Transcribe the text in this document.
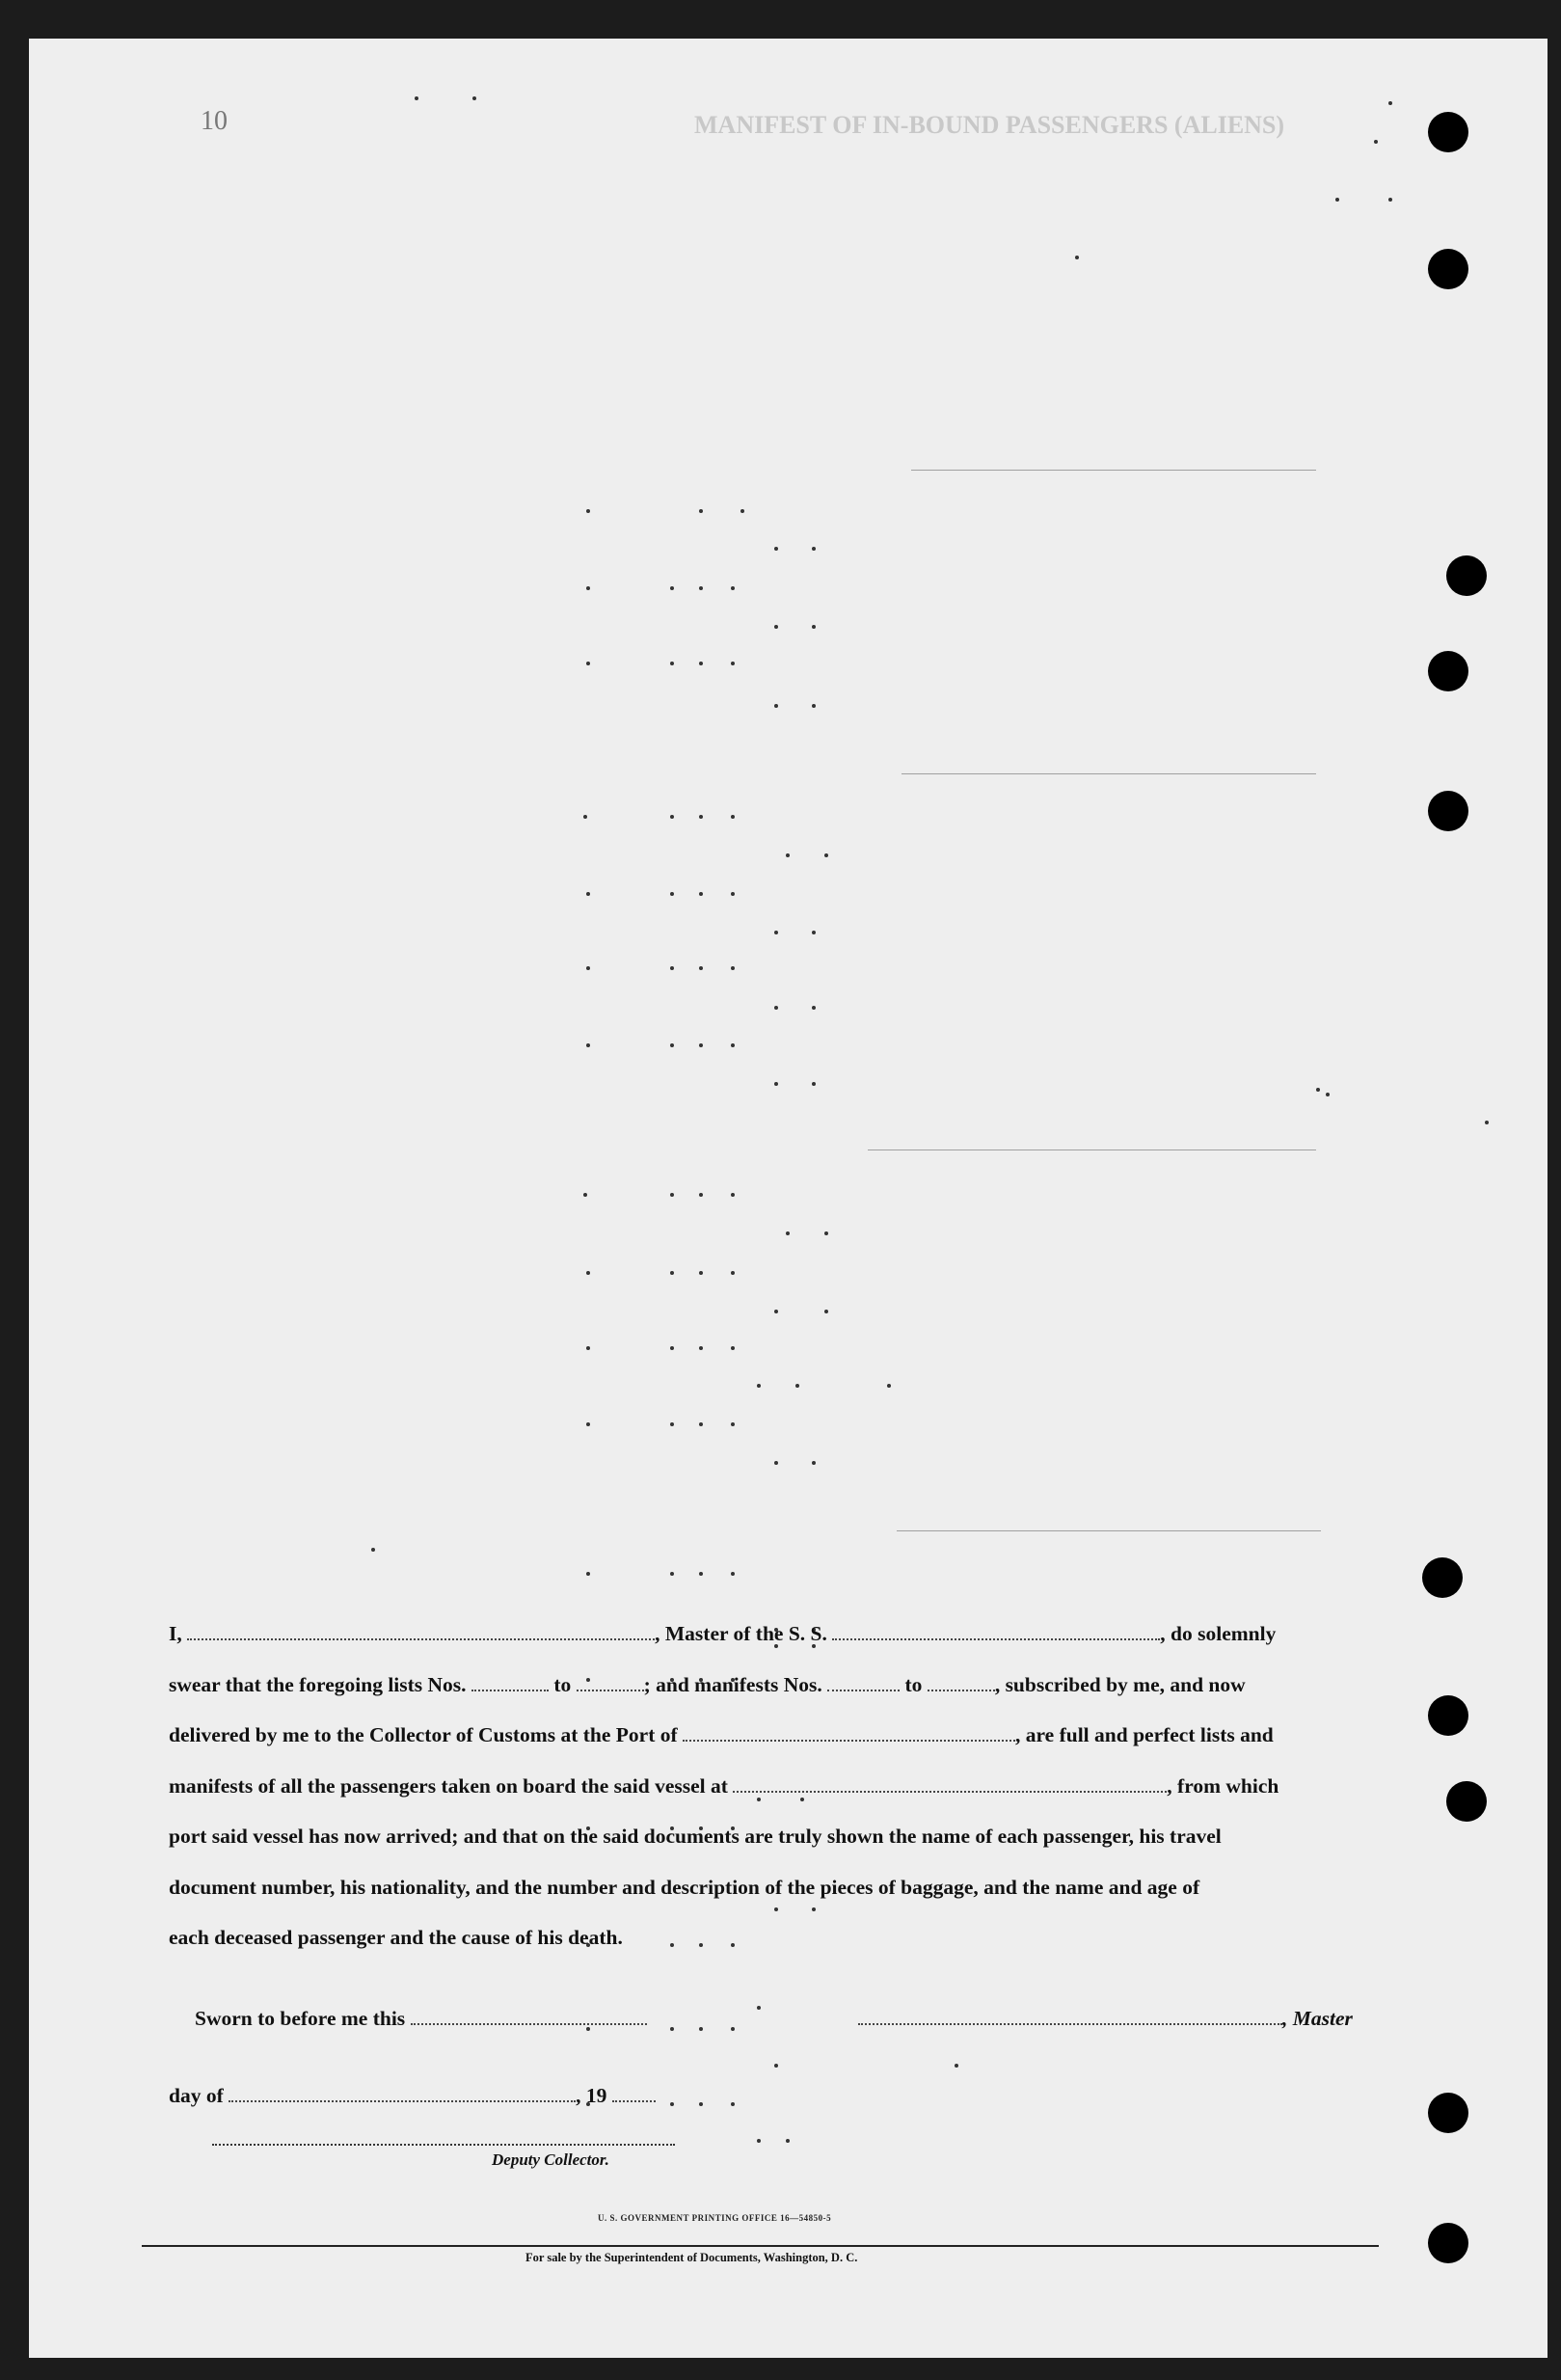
10	MANIFEST OF IN-BOUND PASSENGERS (ALIENS)

I,	, Master of the S. S.	, do solemnly

swear that the foregoing lists Nos.	to	; and manifests Nos.	to	, subscribed by me, and now

delivered by me to the Collector of Customs at the Port of	, are full and perfect lists and

manifests of all the passengers taken on board the said vessel at	, from which

port said vessel has now arrived; and that on the said documents are truly shown the name of each passenger, his travel

document number, his nationality, and the number and description of the pieces of baggage, and the name and age of

each deceased passenger and the cause of his death.

Sworn to before me this	, Master
day of	, 19
Deputy Collector.
U. S. GOVERNMENT PRINTING OFFICE 16—54850-5
For sale by the Superintendent of Documents, Washington, D. C.
